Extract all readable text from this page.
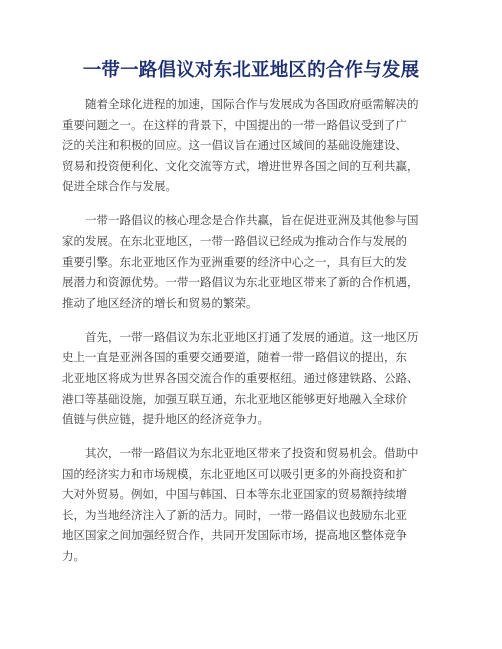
一带一路倡议对东北亚地区的合作与发展

随着全球化进程的加速，国际合作与发展成为各国政府亟需解决的
重要问题之一。在这样的背景下，中国提出的一带一路倡议受到了广
泛的关注和积极的回应。这一倡议旨在通过区域间的基础设施建设、
贸易和投资便利化、文化交流等方式，增进世界各国之间的互利共赢，
促进全球合作与发展。

一带一路倡议的核心理念是合作共赢，旨在促进亚洲及其他参与国
家的发展。在东北亚地区，一带一路倡议已经成为推动合作与发展的
重要引擎。东北亚地区作为亚洲重要的经济中心之一，具有巨大的发
展潜力和资源优势。一带一路倡议为东北亚地区带来了新的合作机遇，
推动了地区经济的增长和贸易的繁荣。

首先，一带一路倡议为东北亚地区打通了发展的通道。这一地区历
史上一直是亚洲各国的重要交通要道，随着一带一路倡议的提出，东
北亚地区将成为世界各国交流合作的重要枢纽。通过修建铁路、公路、
港口等基础设施，加强互联互通，东北亚地区能够更好地融入全球价
值链与供应链，提升地区的经济竞争力。

其次，一带一路倡议为东北亚地区带来了投资和贸易机会。借助中
国的经济实力和市场规模，东北亚地区可以吸引更多的外商投资和扩
大对外贸易。例如，中国与韩国、日本等东北亚国家的贸易额持续增
长，为当地经济注入了新的活力。同时，一带一路倡议也鼓励东北亚
地区国家之间加强经贸合作，共同开发国际市场，提高地区整体竞争
力。
